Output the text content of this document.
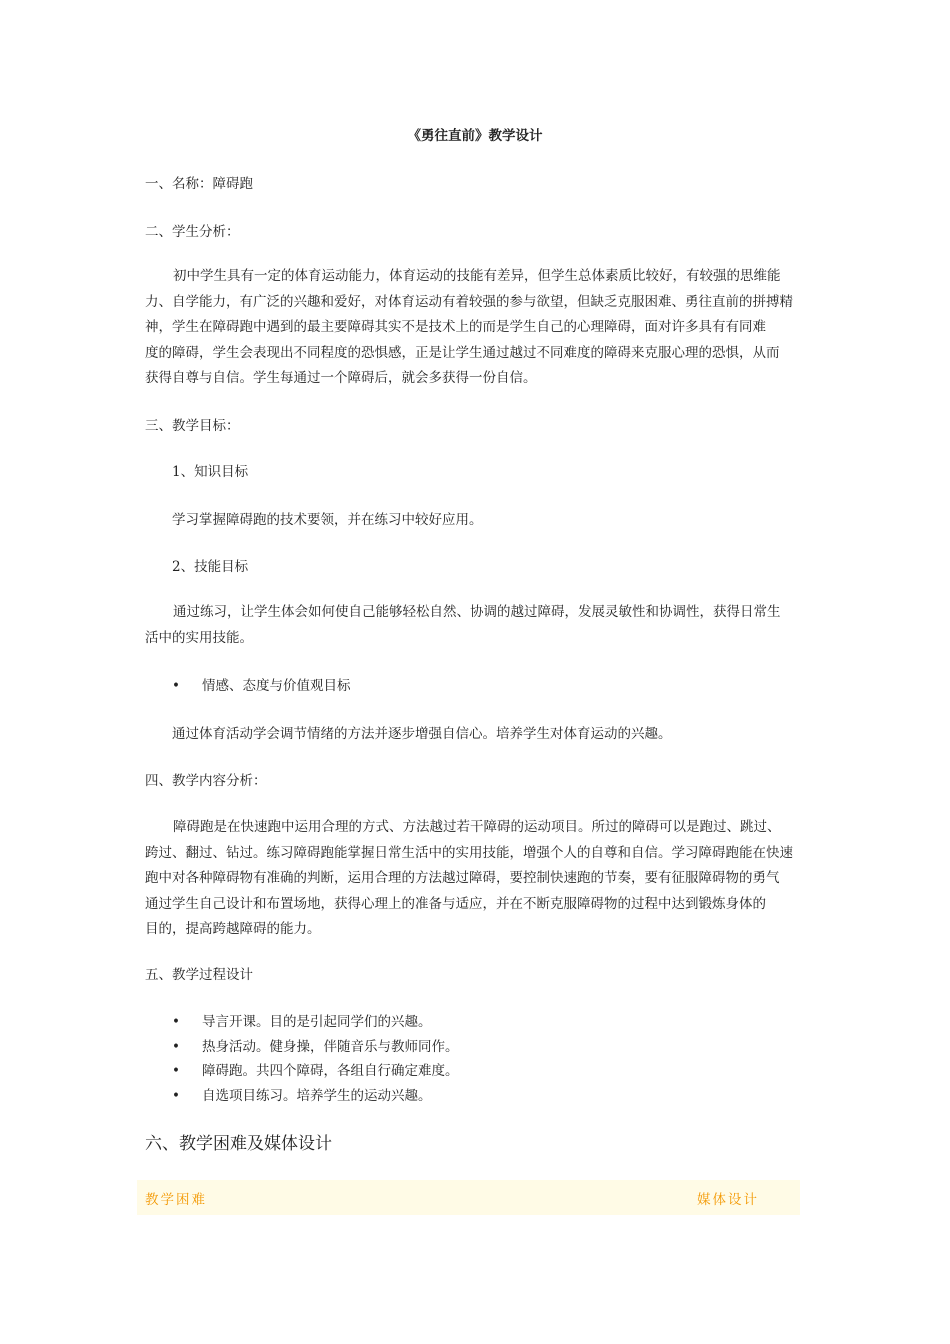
《勇往直前》教学设计
一、名称：障碍跑
二、学生分析：
初中学生具有一定的体育运动能力，体育运动的技能有差异，但学生总体素质比较好，有较强的思维能
力、自学能力，有广泛的兴趣和爱好，对体育运动有着较强的参与欲望，但缺乏克服困难、勇往直前的拼搏精
神，学生在障碍跑中遇到的最主要障碍其实不是技术上的而是学生自己的心理障碍，面对许多具有有同难
度的障碍，学生会表现出不同程度的恐惧感，正是让学生通过越过不同难度的障碍来克服心理的恐惧，从而
获得自尊与自信。学生每通过一个障碍后，就会多获得一份自信。
三、教学目标：
1、知识目标
学习掌握障碍跑的技术要领，并在练习中较好应用。
2、技能目标
通过练习，让学生体会如何使自己能够轻松自然、协调的越过障碍，发展灵敏性和协调性，获得日常生
活中的实用技能。
• 情感、态度与价值观目标
通过体育活动学会调节情绪的方法并逐步增强自信心。培养学生对体育运动的兴趣。
四、教学内容分析：
障碍跑是在快速跑中运用合理的方式、方法越过若干障碍的运动项目。所过的障碍可以是跑过、跳过、
跨过、翻过、钻过。练习障碍跑能掌握日常生活中的实用技能，增强个人的自尊和自信。学习障碍跑能在快速
跑中对各种障碍物有准确的判断，运用合理的方法越过障碍，要控制快速跑的节奏，要有征服障碍物的勇气
通过学生自己设计和布置场地，获得心理上的准备与适应，并在不断克服障碍物的过程中达到锻炼身体的
目的，提高跨越障碍的能力。
五、教学过程设计
• 导言开课。目的是引起同学们的兴趣。
• 热身活动。健身操，伴随音乐与教师同作。
• 障碍跑。共四个障碍，各组自行确定难度。
• 自选项目练习。培养学生的运动兴趣。
六、教学困难及媒体设计
教学困难	媒体设计
